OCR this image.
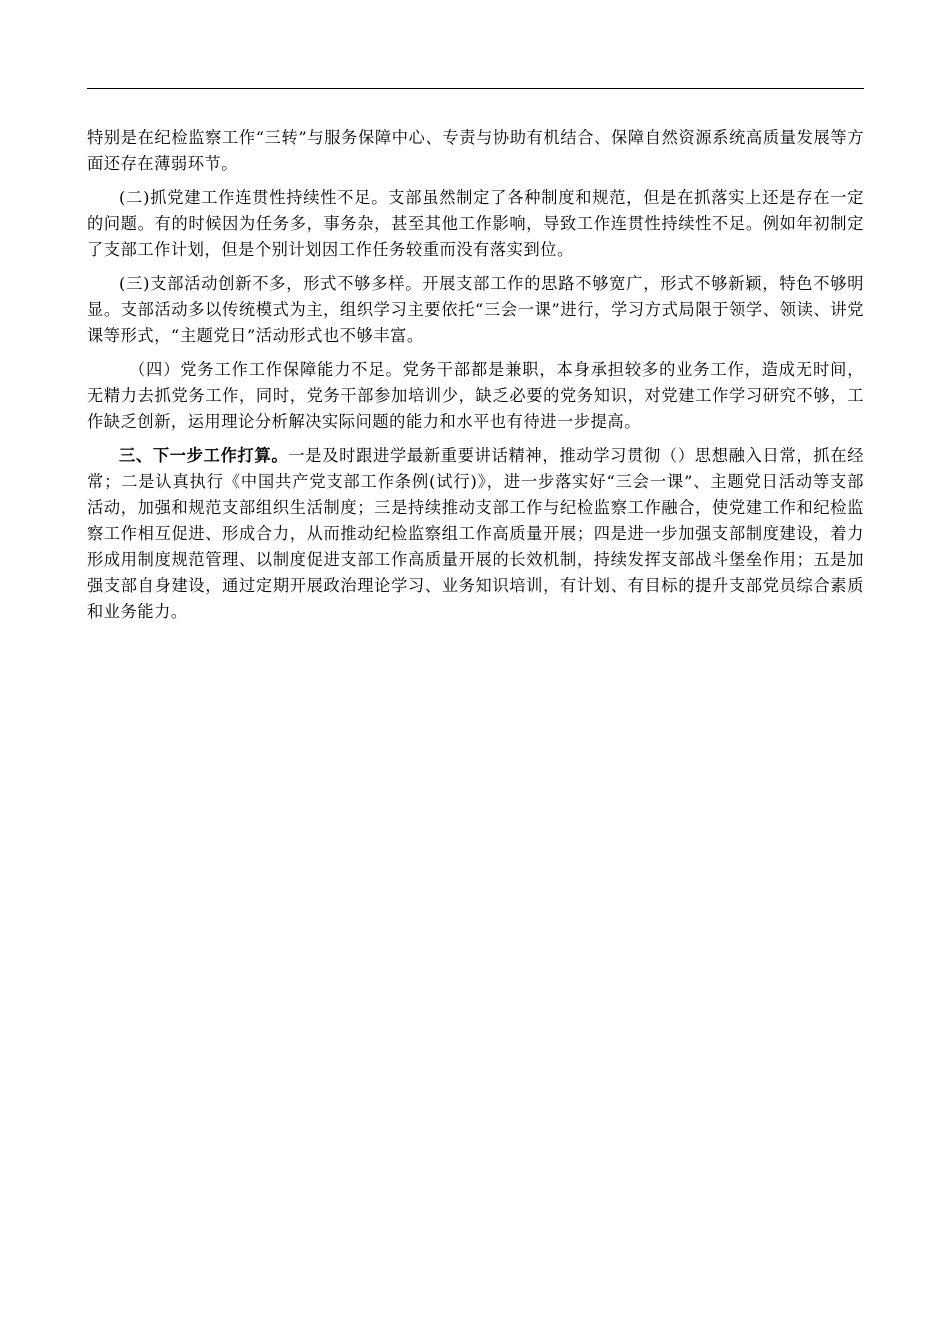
特别是在纪检监察工作“三转”与服务保障中心、专责与协助有机结合、保障自然资源系统高质量发展等方面还存在薄弱环节。

(二)抓党建工作连贯性持续性不足。支部虽然制定了各种制度和规范，但是在抓落实上还是存在一定的问题。有的时候因为任务多，事务杂，甚至其他工作影响，导致工作连贯性持续性不足。例如年初制定了支部工作计划，但是个别计划因工作任务较重而没有落实到位。

(三)支部活动创新不多，形式不够多样。开展支部工作的思路不够宽广，形式不够新颖，特色不够明显。支部活动多以传统模式为主，组织学习主要依托“三会一课”进行，学习方式局限于领学、领读、讲党课等形式，“主题党日”活动形式也不够丰富。

（四）党务工作工作保障能力不足。党务干部都是兼职，本身承担较多的业务工作，造成无时间，无精力去抓党务工作，同时，党务干部参加培训少，缺乏必要的党务知识，对党建工作学习研究不够，工作缺乏创新，运用理论分析解决实际问题的能力和水平也有待进一步提高。

三、下一步工作打算。一是及时跟进学最新重要讲话精神，推动学习贯彻（）思想融入日常，抓在经常；二是认真执行《中国共产党支部工作条例(试行)》，进一步落实好“三会一课”、主题党日活动等支部活动，加强和规范支部组织生活制度；三是持续推动支部工作与纪检监察工作融合，使党建工作和纪检监察工作相互促进、形成合力，从而推动纪检监察组工作高质量开展；四是进一步加强支部制度建设，着力形成用制度规范管理、以制度促进支部工作高质量开展的长效机制，持续发挥支部战斗堡垒作用；五是加强支部自身建设，通过定期开展政治理论学习、业务知识培训，有计划、有目标的提升支部党员综合素质和业务能力。
